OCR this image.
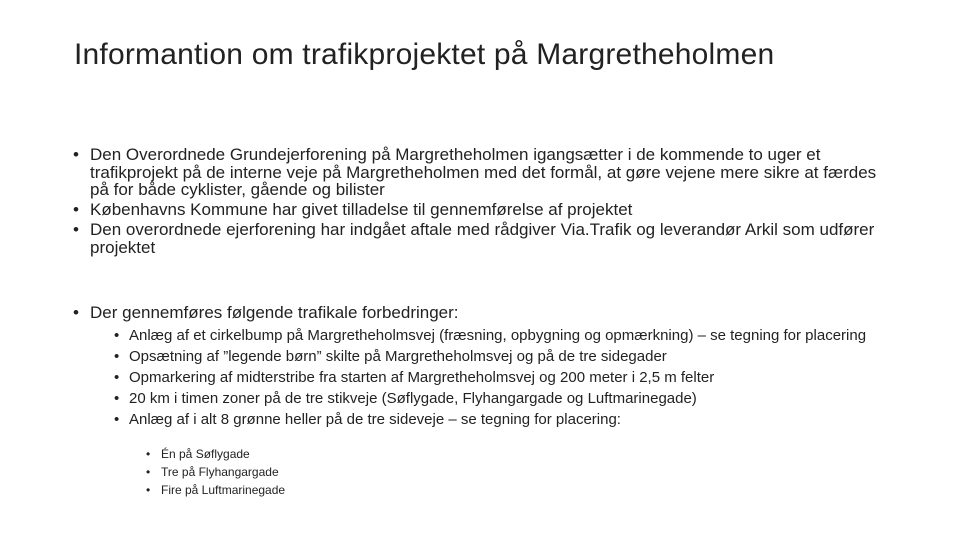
Informantion om trafikprojektet på Margretheholmen
• Den Overordnede Grundejerforening på Margretheholmen igangsætter i de kommende to uger et trafikprojekt på de interne veje på Margretheholmen med det formål, at gøre vejene mere sikre at færdes på for både cyklister, gående og bilister
• Københavns Kommune har givet tilladelse til gennemførelse af projektet
• Den overordnede ejerforening har indgået aftale med rådgiver Via.Trafik og leverandør Arkil som udfører projektet
• Der gennemføres følgende trafikale forbedringer:
• Anlæg af et cirkelbump på Margretheholmsvej (fræsning, opbygning og opmærkning) – se tegning for placering
• Opsætning af ”legende børn” skilte på Margretheholmsvej og på de tre sidegader
• Opmarkering af midterstribe fra starten af Margretheholmsvej og 200 meter i 2,5 m felter
• 20 km i timen zoner på de tre stikveje (Søflygade, Flyhangargade og Luftmarinegade)
• Anlæg af i alt 8 grønne heller på de tre sideveje – se tegning for placering:
• Én på Søflygade
• Tre på Flyhangargade
• Fire på Luftmarinegade
